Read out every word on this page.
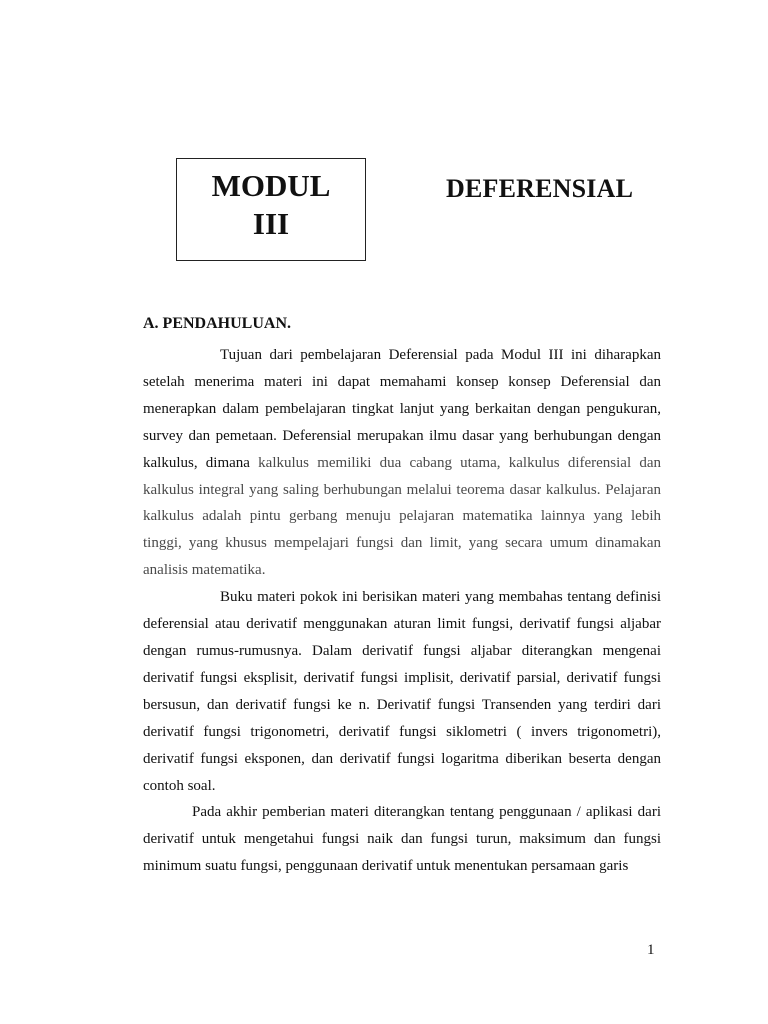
MODUL
III
DEFERENSIAL
A. PENDAHULUAN.

Tujuan dari pembelajaran Deferensial pada Modul III ini diharapkan setelah menerima materi ini dapat memahami konsep konsep Deferensial dan menerapkan dalam pembelajaran tingkat lanjut yang berkaitan dengan pengukuran, survey dan pemetaan. Deferensial merupakan ilmu dasar yang berhubungan dengan kalkulus, dimana kalkulus memiliki dua cabang utama, kalkulus diferensial dan kalkulus integral yang saling berhubungan melalui teorema dasar kalkulus. Pelajaran kalkulus adalah pintu gerbang menuju pelajaran matematika lainnya yang lebih tinggi, yang khusus mempelajari fungsi dan limit, yang secara umum dinamakan analisis matematika.

Buku materi pokok ini berisikan materi yang membahas tentang definisi deferensial atau derivatif menggunakan aturan limit fungsi, derivatif fungsi aljabar dengan rumus-rumusnya. Dalam derivatif fungsi aljabar diterangkan mengenai derivatif fungsi eksplisit, derivatif fungsi implisit, derivatif parsial, derivatif fungsi bersusun, dan derivatif fungsi ke n. Derivatif fungsi Transenden yang terdiri dari derivatif fungsi trigonometri, derivatif fungsi siklometri ( invers trigonometri), derivatif fungsi eksponen, dan derivatif fungsi logaritma diberikan beserta dengan contoh soal.

Pada akhir pemberian materi diterangkan tentang penggunaan / aplikasi dari derivatif untuk mengetahui fungsi naik dan fungsi turun, maksimum dan fungsi minimum suatu fungsi, penggunaan derivatif untuk menentukan persamaan garis

1
